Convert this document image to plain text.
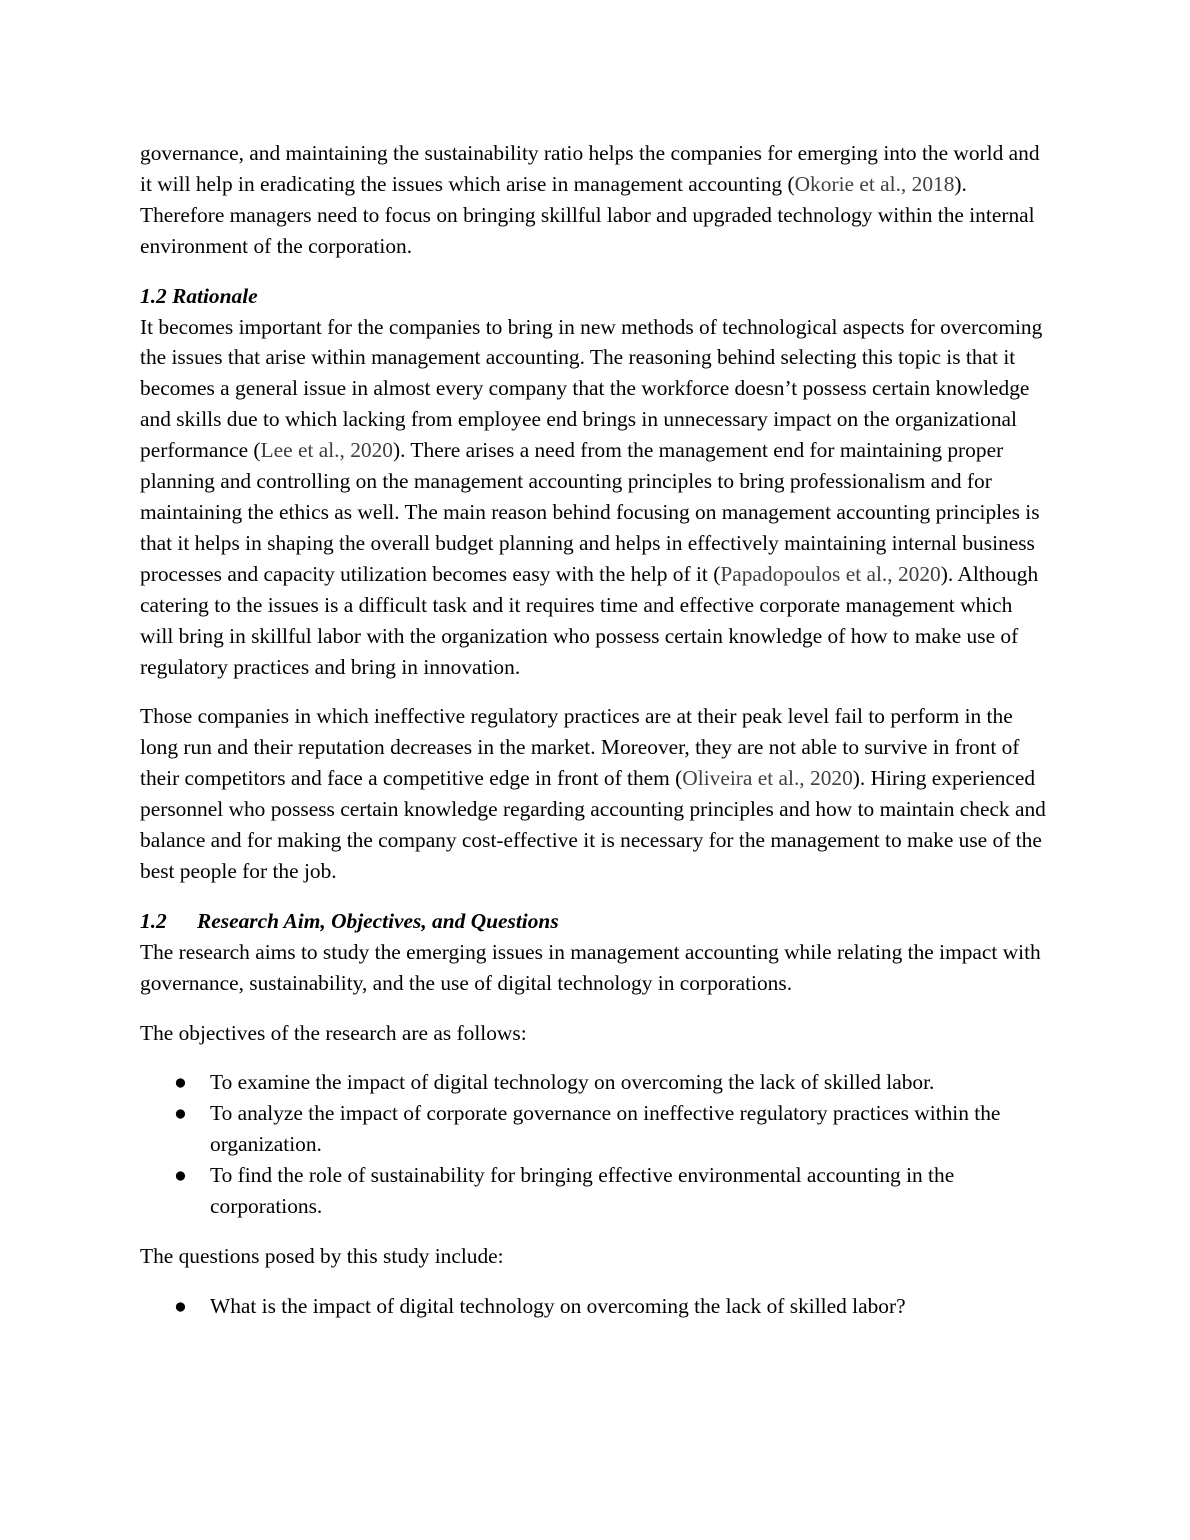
governance, and maintaining the sustainability ratio helps the companies for emerging into the world and it will help in eradicating the issues which arise in management accounting (Okorie et al., 2018). Therefore managers need to focus on bringing skillful labor and upgraded technology within the internal environment of the corporation.

1.2 Rationale

It becomes important for the companies to bring in new methods of technological aspects for overcoming the issues that arise within management accounting. The reasoning behind selecting this topic is that it becomes a general issue in almost every company that the workforce doesn’t possess certain knowledge and skills due to which lacking from employee end brings in unnecessary impact on the organizational performance (Lee et al., 2020). There arises a need from the management end for maintaining proper planning and controlling on the management accounting principles to bring professionalism and for maintaining the ethics as well. The main reason behind focusing on management accounting principles is that it helps in shaping the overall budget planning and helps in effectively maintaining internal business processes and capacity utilization becomes easy with the help of it (Papadopoulos et al., 2020). Although catering to the issues is a difficult task and it requires time and effective corporate management which will bring in skillful labor with the organization who possess certain knowledge of how to make use of regulatory practices and bring in innovation.

Those companies in which ineffective regulatory practices are at their peak level fail to perform in the long run and their reputation decreases in the market. Moreover, they are not able to survive in front of their competitors and face a competitive edge in front of them (Oliveira et al., 2020). Hiring experienced personnel who possess certain knowledge regarding accounting principles and how to maintain check and balance and for making the company cost-effective it is necessary for the management to make use of the best people for the job.

1.2 Research Aim, Objectives, and Questions

The research aims to study the emerging issues in management accounting while relating the impact with governance, sustainability, and the use of digital technology in corporations.

The objectives of the research are as follows:

● To examine the impact of digital technology on overcoming the lack of skilled labor.
● To analyze the impact of corporate governance on ineffective regulatory practices within the organization.
● To find the role of sustainability for bringing effective environmental accounting in the corporations.

The questions posed by this study include:

● What is the impact of digital technology on overcoming the lack of skilled labor?
